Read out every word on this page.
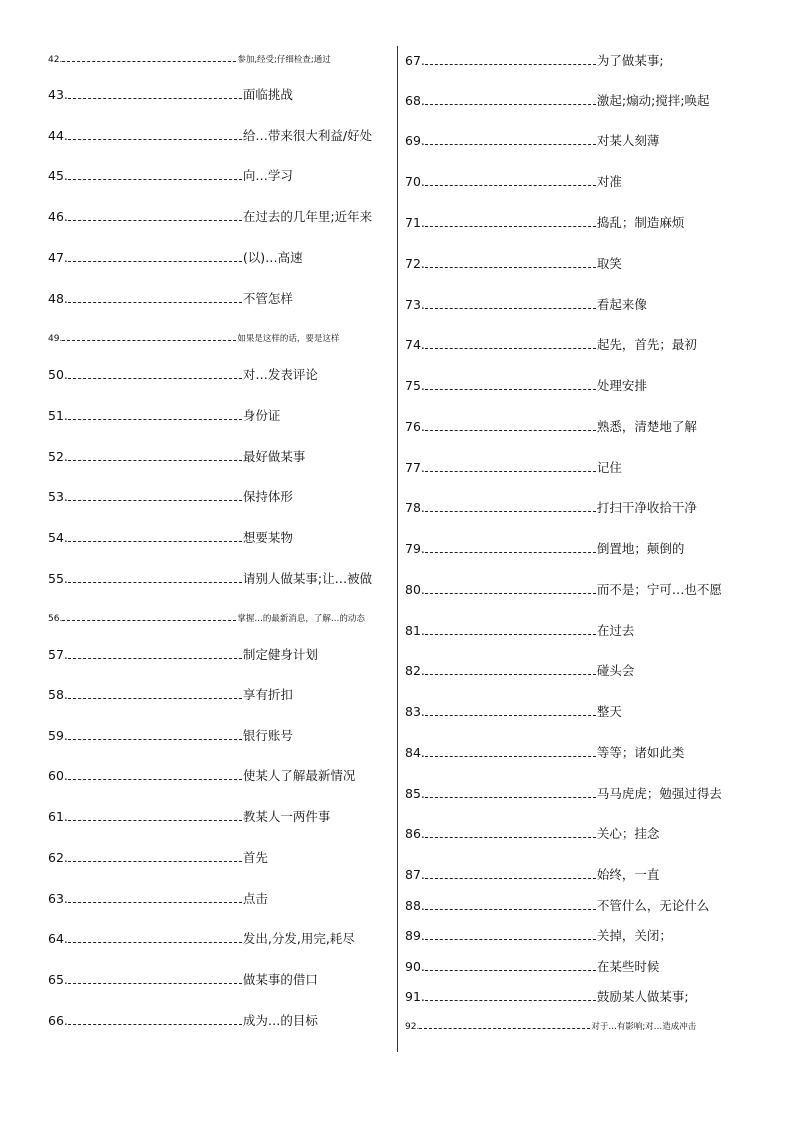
42.	参加,经受;仔细检查;通过
43.	面临挑战
44.	给…带来很大利益/好处
45.	向…学习
46.	在过去的几年里;近年来
47.	(以)…高速
48.	不管怎样
49.	如果是这样的话，要是这样
50.	对…发表评论
51.	身份证
52.	最好做某事
53.	保持体形
54.	想要某物
55.	请别人做某事;让…被做
56.	掌握…的最新消息，了解…的动态
57.	制定健身计划
58.	享有折扣
59.	银行账号
60.	使某人了解最新情况
61.	教某人一两件事
62.	首先
63.	点击
64.	发出,分发,用完,耗尽
65.	做某事的借口
66.	成为…的目标
67.	为了做某事;
68.	激起;煽动;搅拌;唤起
69.	对某人刻薄
70.	对准
71.	捣乱；制造麻烦
72.	取笑
73.	看起来像
74.	起先，首先；最初
75.	处理安排
76.	熟悉，清楚地了解
77.	记住
78.	打扫干净收拾干净
79.	倒置地；颠倒的
80.	而不是；宁可…也不愿
81.	在过去
82.	碰头会
83.	整天
84.	等等；诸如此类
85.	马马虎虎；勉强过得去
86.	关心；挂念
87.	始终，一直
88.	不管什么，无论什么
89.	关掉，关闭；
90.	在某些时候
91.	鼓励某人做某事;
92.	对于…有影响;对…造成冲击
